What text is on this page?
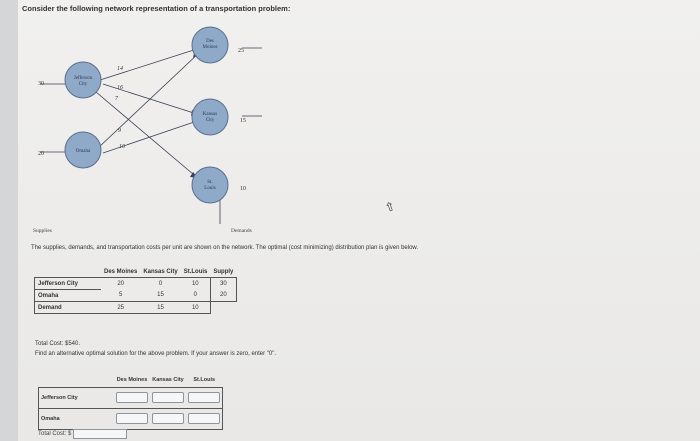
Consider the following network representation of a transportation problem:
Jefferson
City
Omaha
Des
Moines
Kansas
City
St.
Louis
30
20
25
15
10
14
16
7
9
10
Supplies	Demands
⇧
The supplies, demands, and transportation costs per unit are shown on the network. The optimal (cost minimizing) distribution plan is given below.
	Des Moines	Kansas City	St.Louis	Supply
Jefferson City	20	0	10	30
Omaha	5	15	0	20
Demand	25	15	10	
Total Cost: $540.
Find an alternative optimal solution for the above problem. If your answer is zero, enter "0".
	Des Moines	Kansas City	St.Louis
Jefferson City			
Omaha			
Total Cost: $
